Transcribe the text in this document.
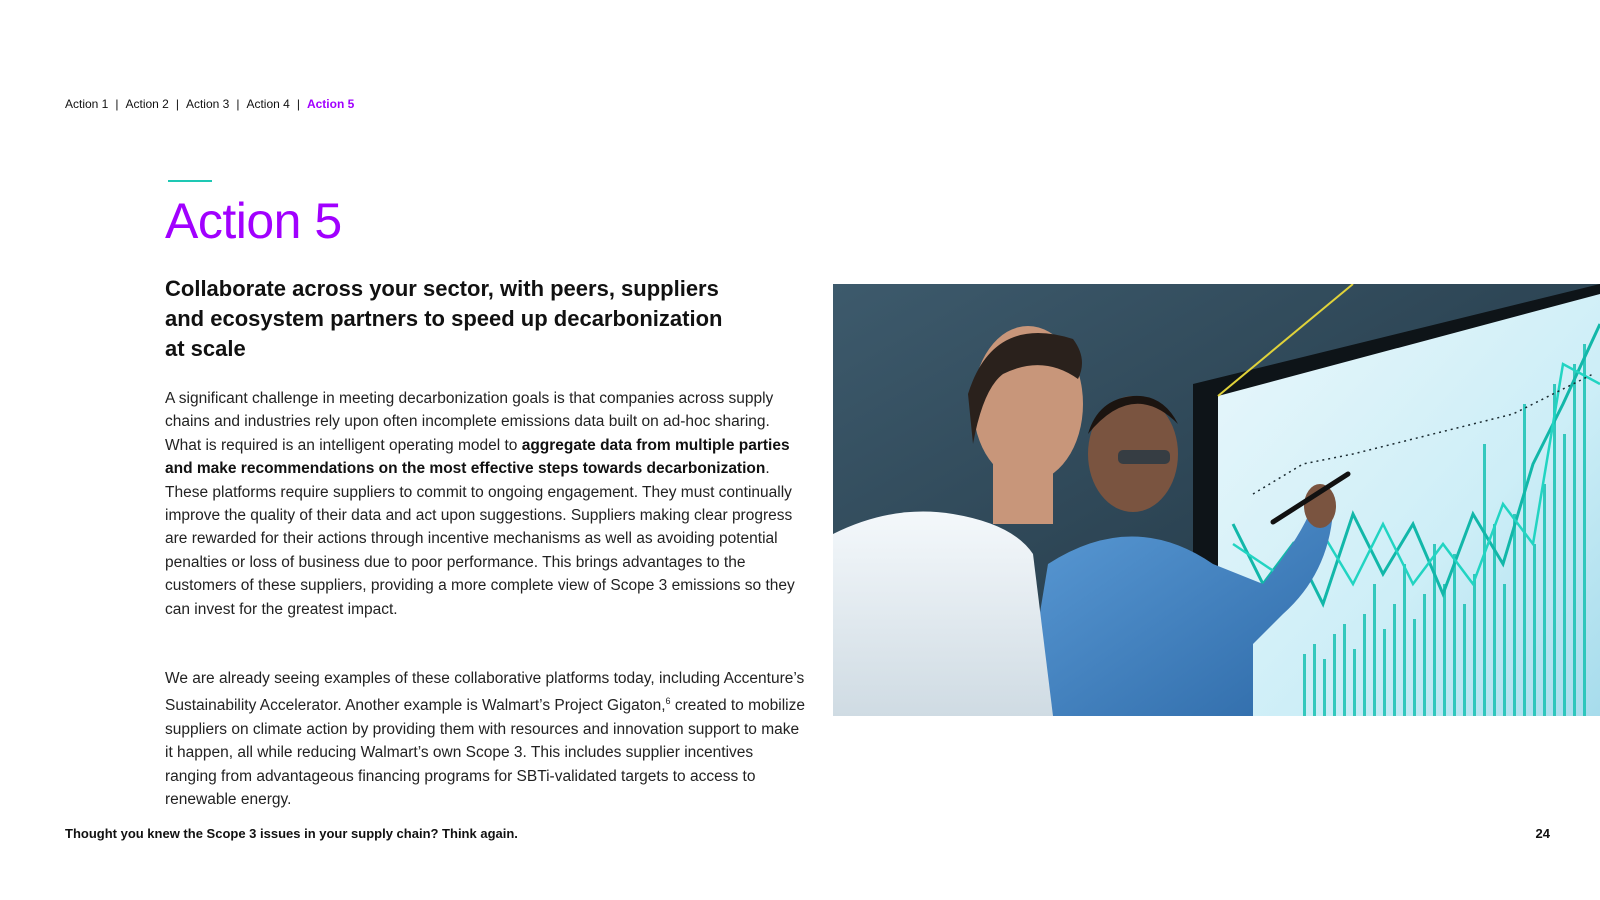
Action 1 | Action 2 | Action 3 | Action 4 | Action 5
Action 5
Collaborate across your sector, with peers, suppliers and ecosystem partners to speed up decarbonization at scale

A significant challenge in meeting decarbonization goals is that companies across supply chains and industries rely upon often incomplete emissions data built on ad-hoc sharing. What is required is an intelligent operating model to aggregate data from multiple parties and make recommendations on the most effective steps towards decarbonization. These platforms require suppliers to commit to ongoing engagement. They must continually improve the quality of their data and act upon suggestions. Suppliers making clear progress are rewarded for their actions through incentive mechanisms as well as avoiding potential penalties or loss of business due to poor performance. This brings advantages to the customers of these suppliers, providing a more complete view of Scope 3 emissions so they can invest for the greatest impact.

We are already seeing examples of these collaborative platforms today, including Accenture’s Sustainability Accelerator. Another example is Walmart’s Project Gigaton,$^6$ created to mobilize suppliers on climate action by providing them with resources and innovation support to make it happen, all while reducing Walmart’s own Scope 3. This includes supplier incentives ranging from advantageous financing programs for SBTi-validated targets to access to renewable energy.

Thought you knew the Scope 3 issues in your supply chain? Think again.	24
